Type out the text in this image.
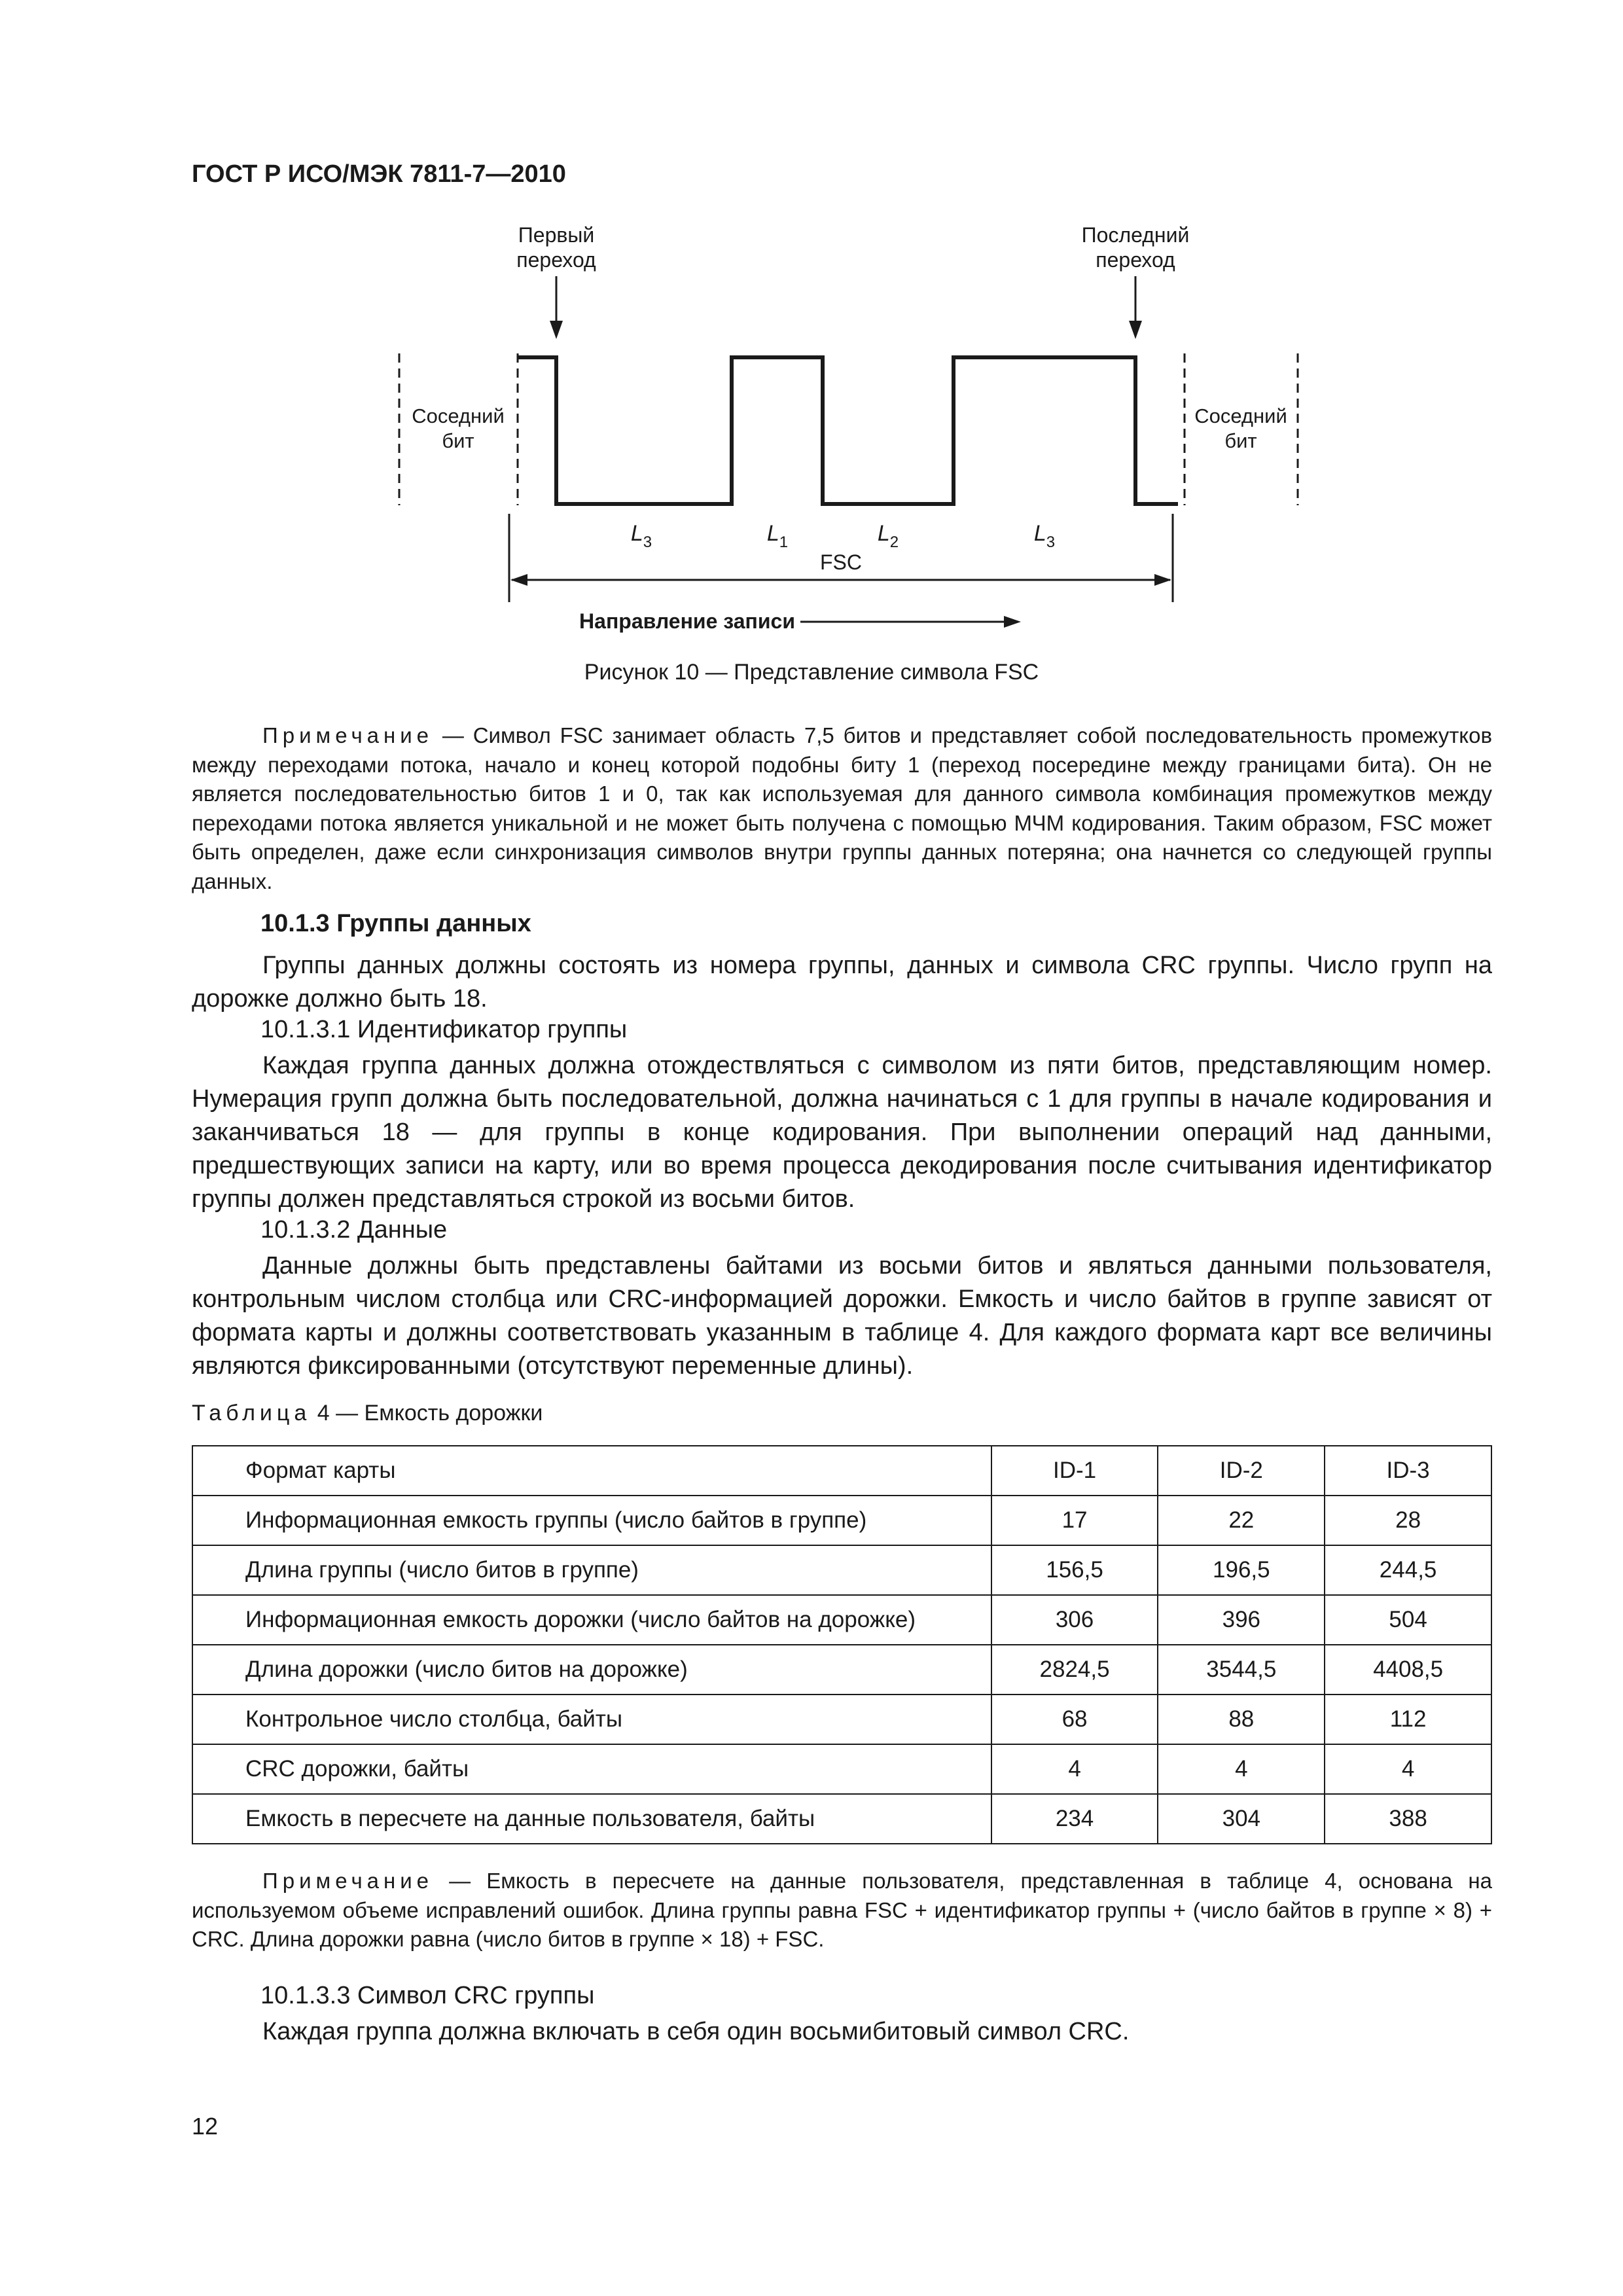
ГОСТ Р ИСО/МЭК 7811-7—2010
Первый
переход
Последний
переход
Соседний
бит
Соседний
бит
$L_3$	$L_1$	$L_2$	$L_3$
FSC
Направление записи
Рисунок 10 — Представление символа FSC
Примечание — Символ FSC занимает область 7,5 битов и представляет собой последовательность промежутков между переходами потока, начало и конец которой подобны биту 1 (переход посередине между границами бита). Он не является последовательностью битов 1 и 0, так как используемая для данного символа комбинация промежутков между переходами потока является уникальной и не может быть получена с помощью МЧМ кодирования. Таким образом, FSC может быть определен, даже если синхронизация символов внутри группы данных потеряна; она начнется со следующей группы данных.
10.1.3 Группы данных
Группы данных должны состоять из номера группы, данных и символа CRC группы. Число групп на дорожке должно быть 18.
10.1.3.1 Идентификатор группы
Каждая группа данных должна отождествляться с символом из пяти битов, представляющим номер. Нумерация групп должна быть последовательной, должна начинаться с 1 для группы в начале кодирования и заканчиваться 18 — для группы в конце кодирования. При выполнении операций над данными, предшествующих записи на карту, или во время процесса декодирования после считывания идентификатор группы должен представляться строкой из восьми битов.
10.1.3.2 Данные
Данные должны быть представлены байтами из восьми битов и являться данными пользователя, контрольным числом столбца или CRC-информацией дорожки. Емкость и число байтов в группе зависят от формата карты и должны соответствовать указанным в таблице 4. Для каждого формата карт все величины являются фиксированными (отсутствуют переменные длины).
Таблица 4 — Емкость дорожки
Формат карты	ID-1	ID-2	ID-3
Информационная емкость группы (число байтов в группе)	17	22	28
Длина группы (число битов в группе)	156,5	196,5	244,5
Информационная емкость дорожки (число байтов на дорожке)	306	396	504
Длина дорожки (число битов на дорожке)	2824,5	3544,5	4408,5
Контрольное число столбца, байты	68	88	112
CRC дорожки, байты	4	4	4
Емкость в пересчете на данные пользователя, байты	234	304	388
Примечание — Емкость в пересчете на данные пользователя, представленная в таблице 4, основана на используемом объеме исправлений ошибок. Длина группы равна FSC + идентификатор группы + (число байтов в группе × 8) + CRC. Длина дорожки равна (число битов в группе × 18) + FSC.
10.1.3.3 Символ CRC группы
Каждая группа должна включать в себя один восьмибитовый символ CRC.
12
